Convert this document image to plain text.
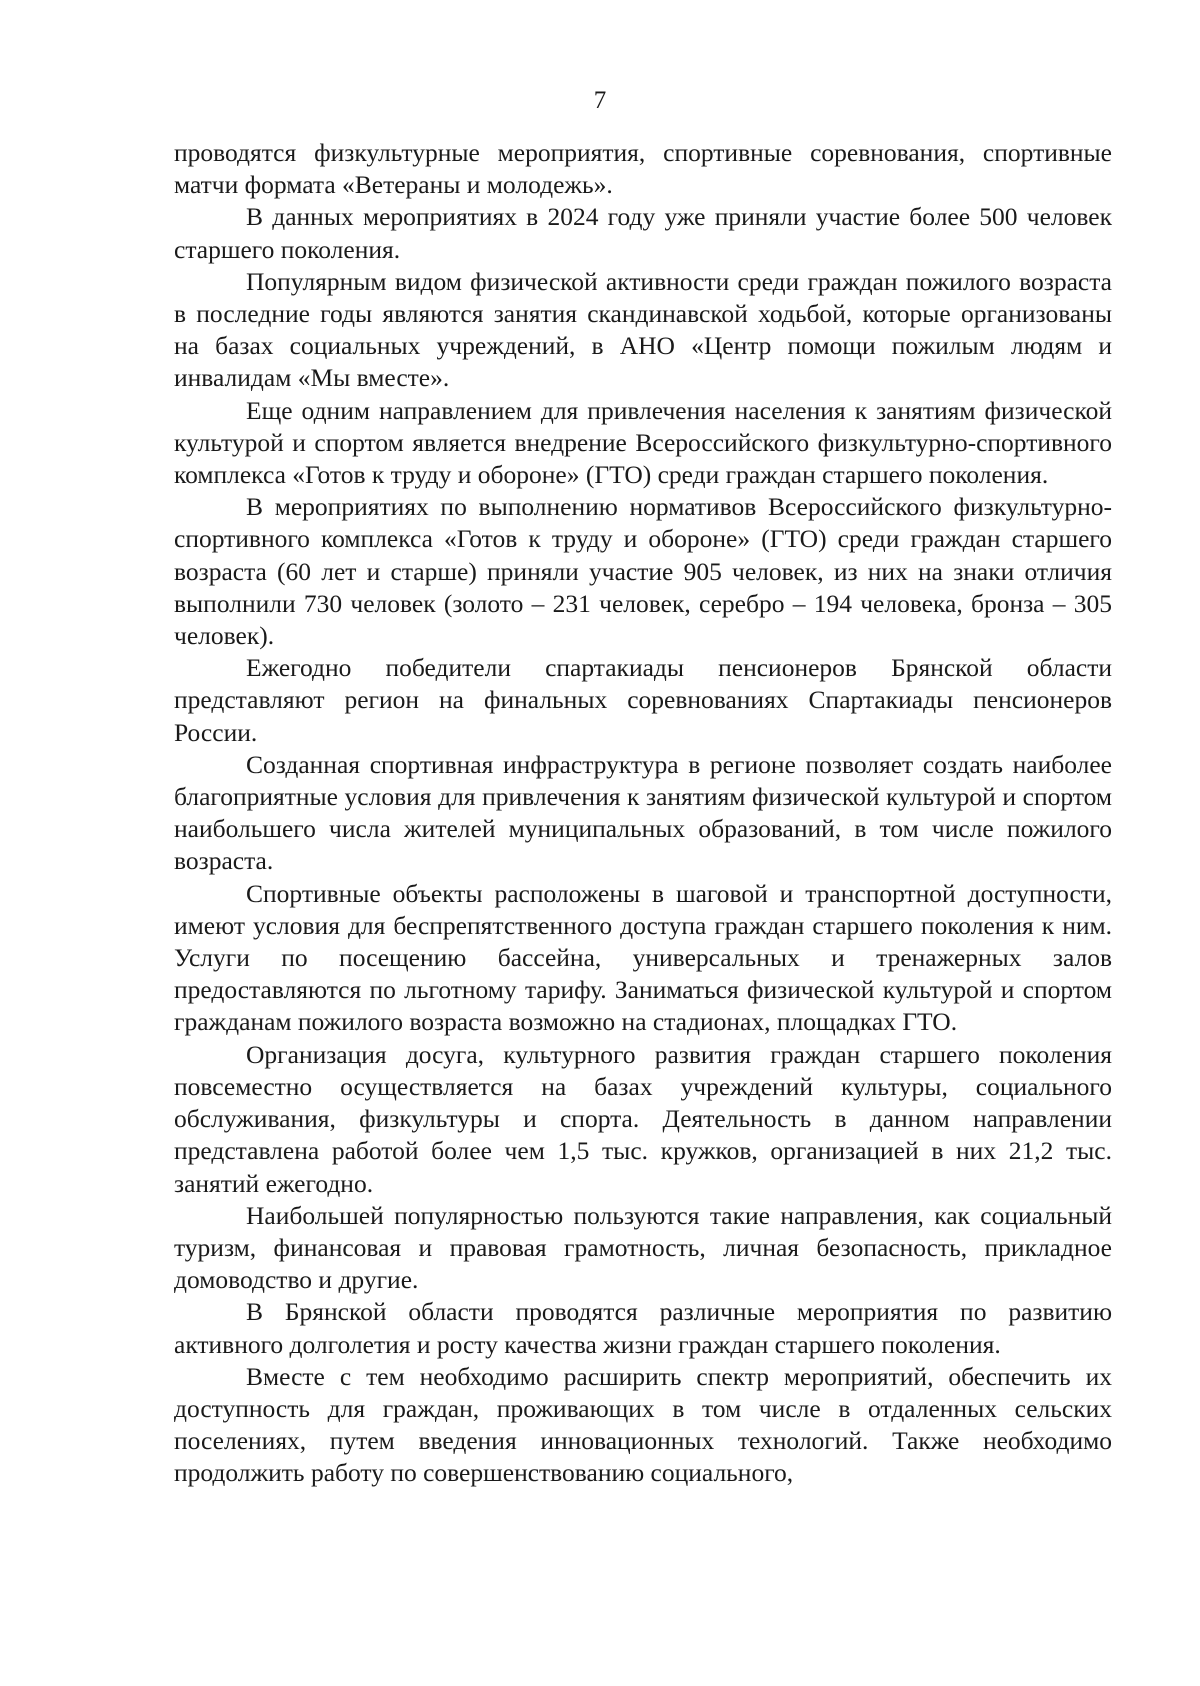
7

проводятся физкультурные мероприятия, спортивные соревнования, спортивные матчи формата «Ветераны и молодежь».

В данных мероприятиях в 2024 году уже приняли участие более 500 человек старшего поколения.

Популярным видом физической активности среди граждан пожилого возраста в последние годы являются занятия скандинавской ходьбой, которые организованы на базах социальных учреждений, в АНО «Центр помощи пожилым людям и инвалидам «Мы вместе».

Еще одним направлением для привлечения населения к занятиям физической культурой и спортом является внедрение Всероссийского физкультурно-спортивного комплекса «Готов к труду и обороне» (ГТО) среди граждан старшего поколения.

В мероприятиях по выполнению нормативов Всероссийского физкультурно-спортивного комплекса «Готов к труду и обороне» (ГТО) среди граждан старшего возраста (60 лет и старше) приняли участие 905 человек, из них на знаки отличия выполнили 730 человек (золото – 231 человек, серебро – 194 человека, бронза – 305 человек).

Ежегодно победители спартакиады пенсионеров Брянской области представляют регион на финальных соревнованиях Спартакиады пенсионеров России.

Созданная спортивная инфраструктура в регионе позволяет создать наиболее благоприятные условия для привлечения к занятиям физической культурой и спортом наибольшего числа жителей муниципальных образований, в том числе пожилого возраста.

Спортивные объекты расположены в шаговой и транспортной доступности, имеют условия для беспрепятственного доступа граждан старшего поколения к ним. Услуги по посещению бассейна, универсальных и тренажерных залов предоставляются по льготному тарифу. Заниматься физической культурой и спортом гражданам пожилого возраста возможно на стадионах, площадках ГТО.

Организация досуга, культурного развития граждан старшего поколения повсеместно осуществляется на базах учреждений культуры, социального обслуживания, физкультуры и спорта. Деятельность в данном направлении представлена работой более чем 1,5 тыс. кружков, организацией в них 21,2 тыс. занятий ежегодно.

Наибольшей популярностью пользуются такие направления, как социальный туризм, финансовая и правовая грамотность, личная безопасность, прикладное домоводство и другие.

В Брянской области проводятся различные мероприятия по развитию активного долголетия и росту качества жизни граждан старшего поколения.

Вместе с тем необходимо расширить спектр мероприятий, обеспечить их доступность для граждан, проживающих в том числе в отдаленных сельских поселениях, путем введения инновационных технологий. Также необходимо продолжить работу по совершенствованию социального,
